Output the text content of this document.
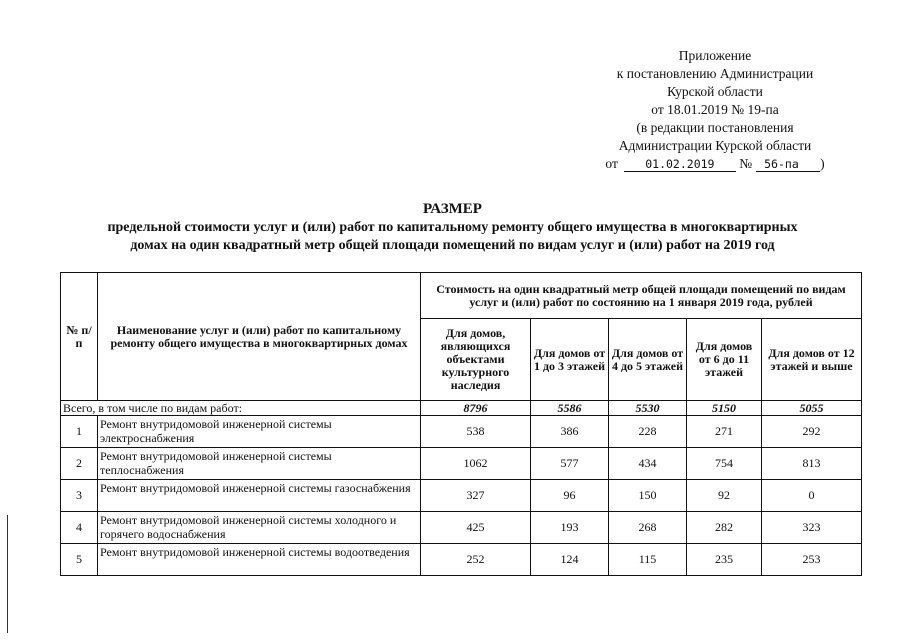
Приложение
к постановлению Администрации
Курской области
от 18.01.2019 № 19-па
(в редакции постановления
Администрации Курской области
от 01.02.2019 № 56-па )
РАЗМЕР
предельной стоимости услуг и (или) работ по капитальному ремонту общего имущества в многоквартирных
домах на один квадратный метр общей площади помещений по видам услуг и (или) работ на 2019 год
№ п/п	Наименование услуг и (или) работ по капитальному ремонту общего имущества в многоквартирных домах	Стоимость на один квадратный метр общей площади помещений по видам услуг и (или) работ по состоянию на 1 января 2019 года, рублей				
		Для домов, являющихся объектами культурного наследия	Для домов от 1 до 3 этажей	Для домов от 4 до 5 этажей	Для домов от 6 до 11 этажей	Для домов от 12 этажей и выше
Всего, в том числе по видам работ:		8796	5586	5530	5150	5055
1	Ремонт внутридомовой инженерной системы электроснабжения	538	386	228	271	292
2	Ремонт внутридомовой инженерной системы теплоснабжения	1062	577	434	754	813
3	Ремонт внутридомовой инженерной системы газоснабжения	327	96	150	92	0
4	Ремонт внутридомовой инженерной системы холодного и горячего водоснабжения	425	193	268	282	323
5	Ремонт внутридомовой инженерной системы водоотведения	252	124	115	235	253
